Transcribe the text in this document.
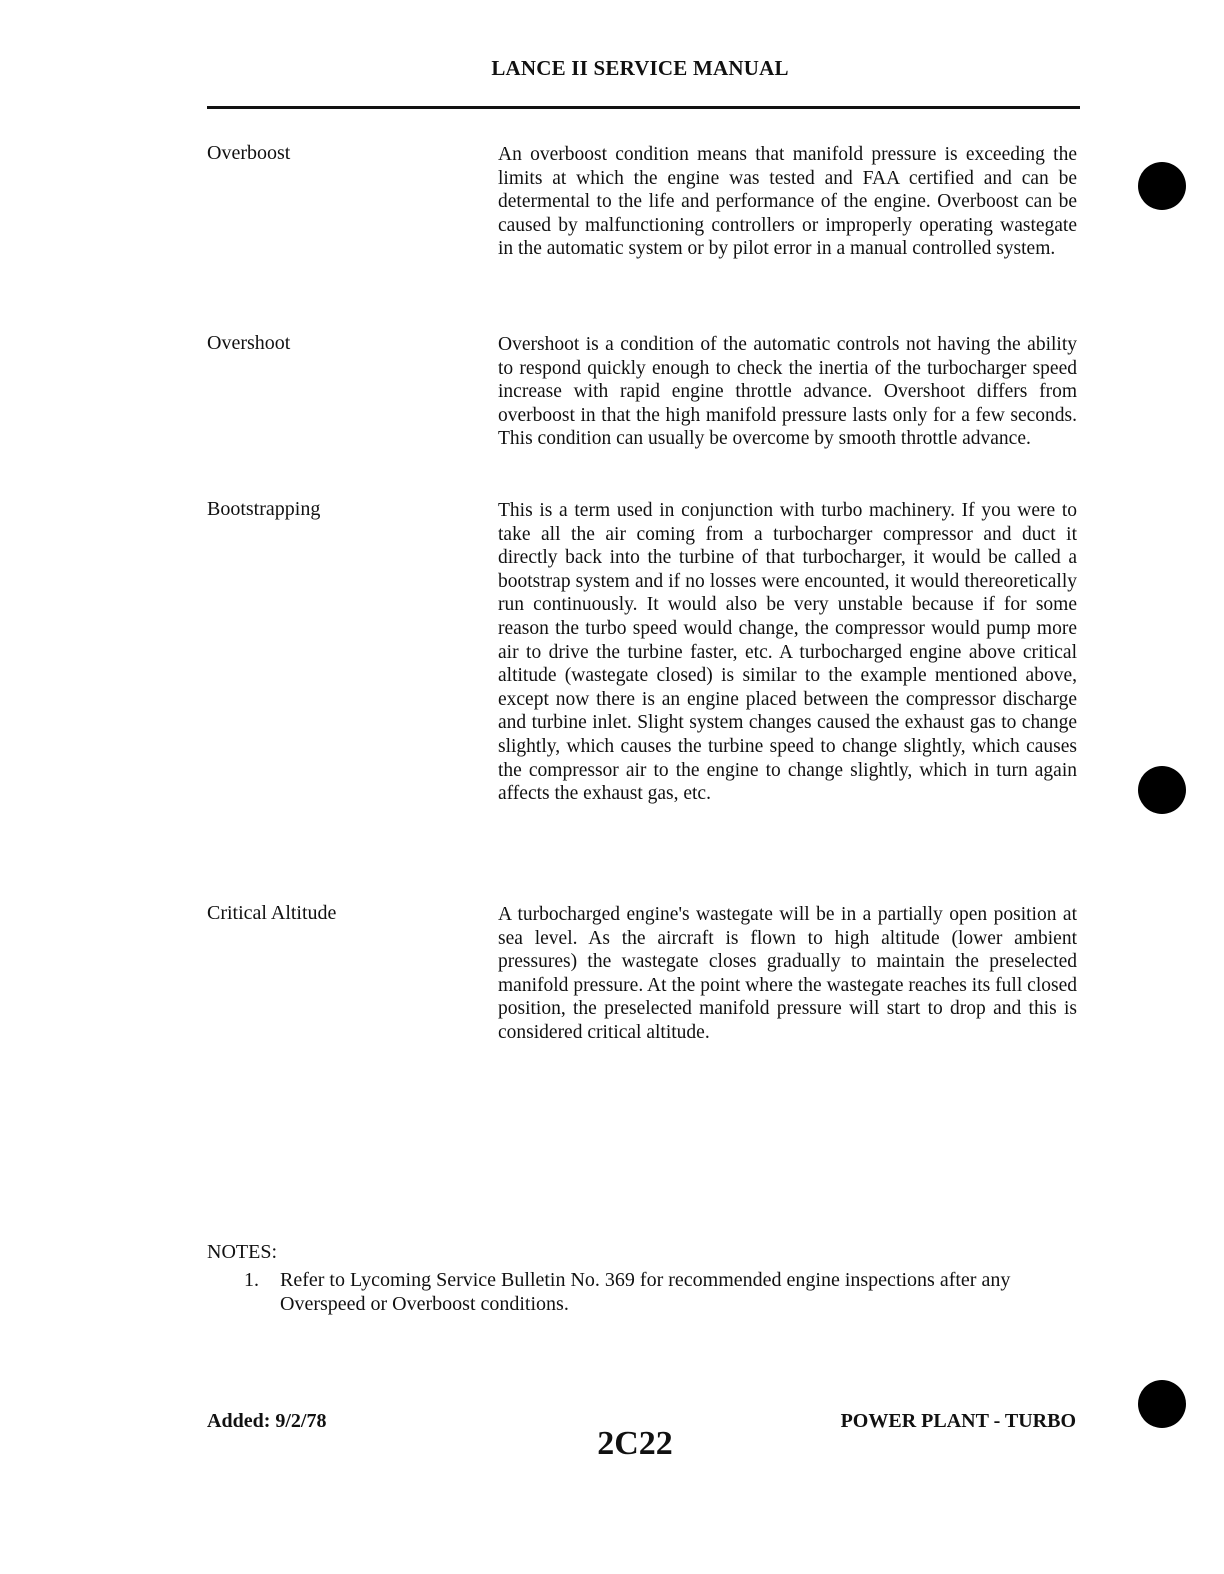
LANCE II SERVICE MANUAL
Overboost	An overboost condition means that manifold pressure is exceeding the limits at which the engine was tested and FAA certified and can be determental to the life and performance of the engine. Overboost can be caused by malfunctioning controllers or improperly operating wastegate in the automatic system or by pilot error in a manual controlled system.
Overshoot	Overshoot is a condition of the automatic controls not having the ability to respond quickly enough to check the inertia of the turbocharger speed increase with rapid engine throttle advance. Overshoot differs from overboost in that the high manifold pressure lasts only for a few seconds. This condition can usually be overcome by smooth throttle advance.
Bootstrapping	This is a term used in conjunction with turbo machinery. If you were to take all the air coming from a turbocharger compressor and duct it directly back into the turbine of that turbocharger, it would be called a bootstrap system and if no losses were encounted, it would thereoretically run continuously. It would also be very unstable because if for some reason the turbo speed would change, the compressor would pump more air to drive the turbine faster, etc. A turbocharged engine above critical altitude (wastegate closed) is similar to the example mentioned above, except now there is an engine placed between the compressor discharge and turbine inlet. Slight system changes caused the exhaust gas to change slightly, which causes the turbine speed to change slightly, which causes the compressor air to the engine to change slightly, which in turn again affects the exhaust gas, etc.
Critical Altitude	A turbocharged engine's wastegate will be in a partially open position at sea level. As the aircraft is flown to high altitude (lower ambient pressures) the wastegate closes gradually to maintain the preselected manifold pressure. At the point where the wastegate reaches its full closed position, the preselected manifold pressure will start to drop and this is considered critical altitude.
NOTES:
1.	Refer to Lycoming Service Bulletin No. 369 for recommended engine inspections after any Overspeed or Overboost conditions.
Added: 9/2/78
2C22
POWER PLANT - TURBO
